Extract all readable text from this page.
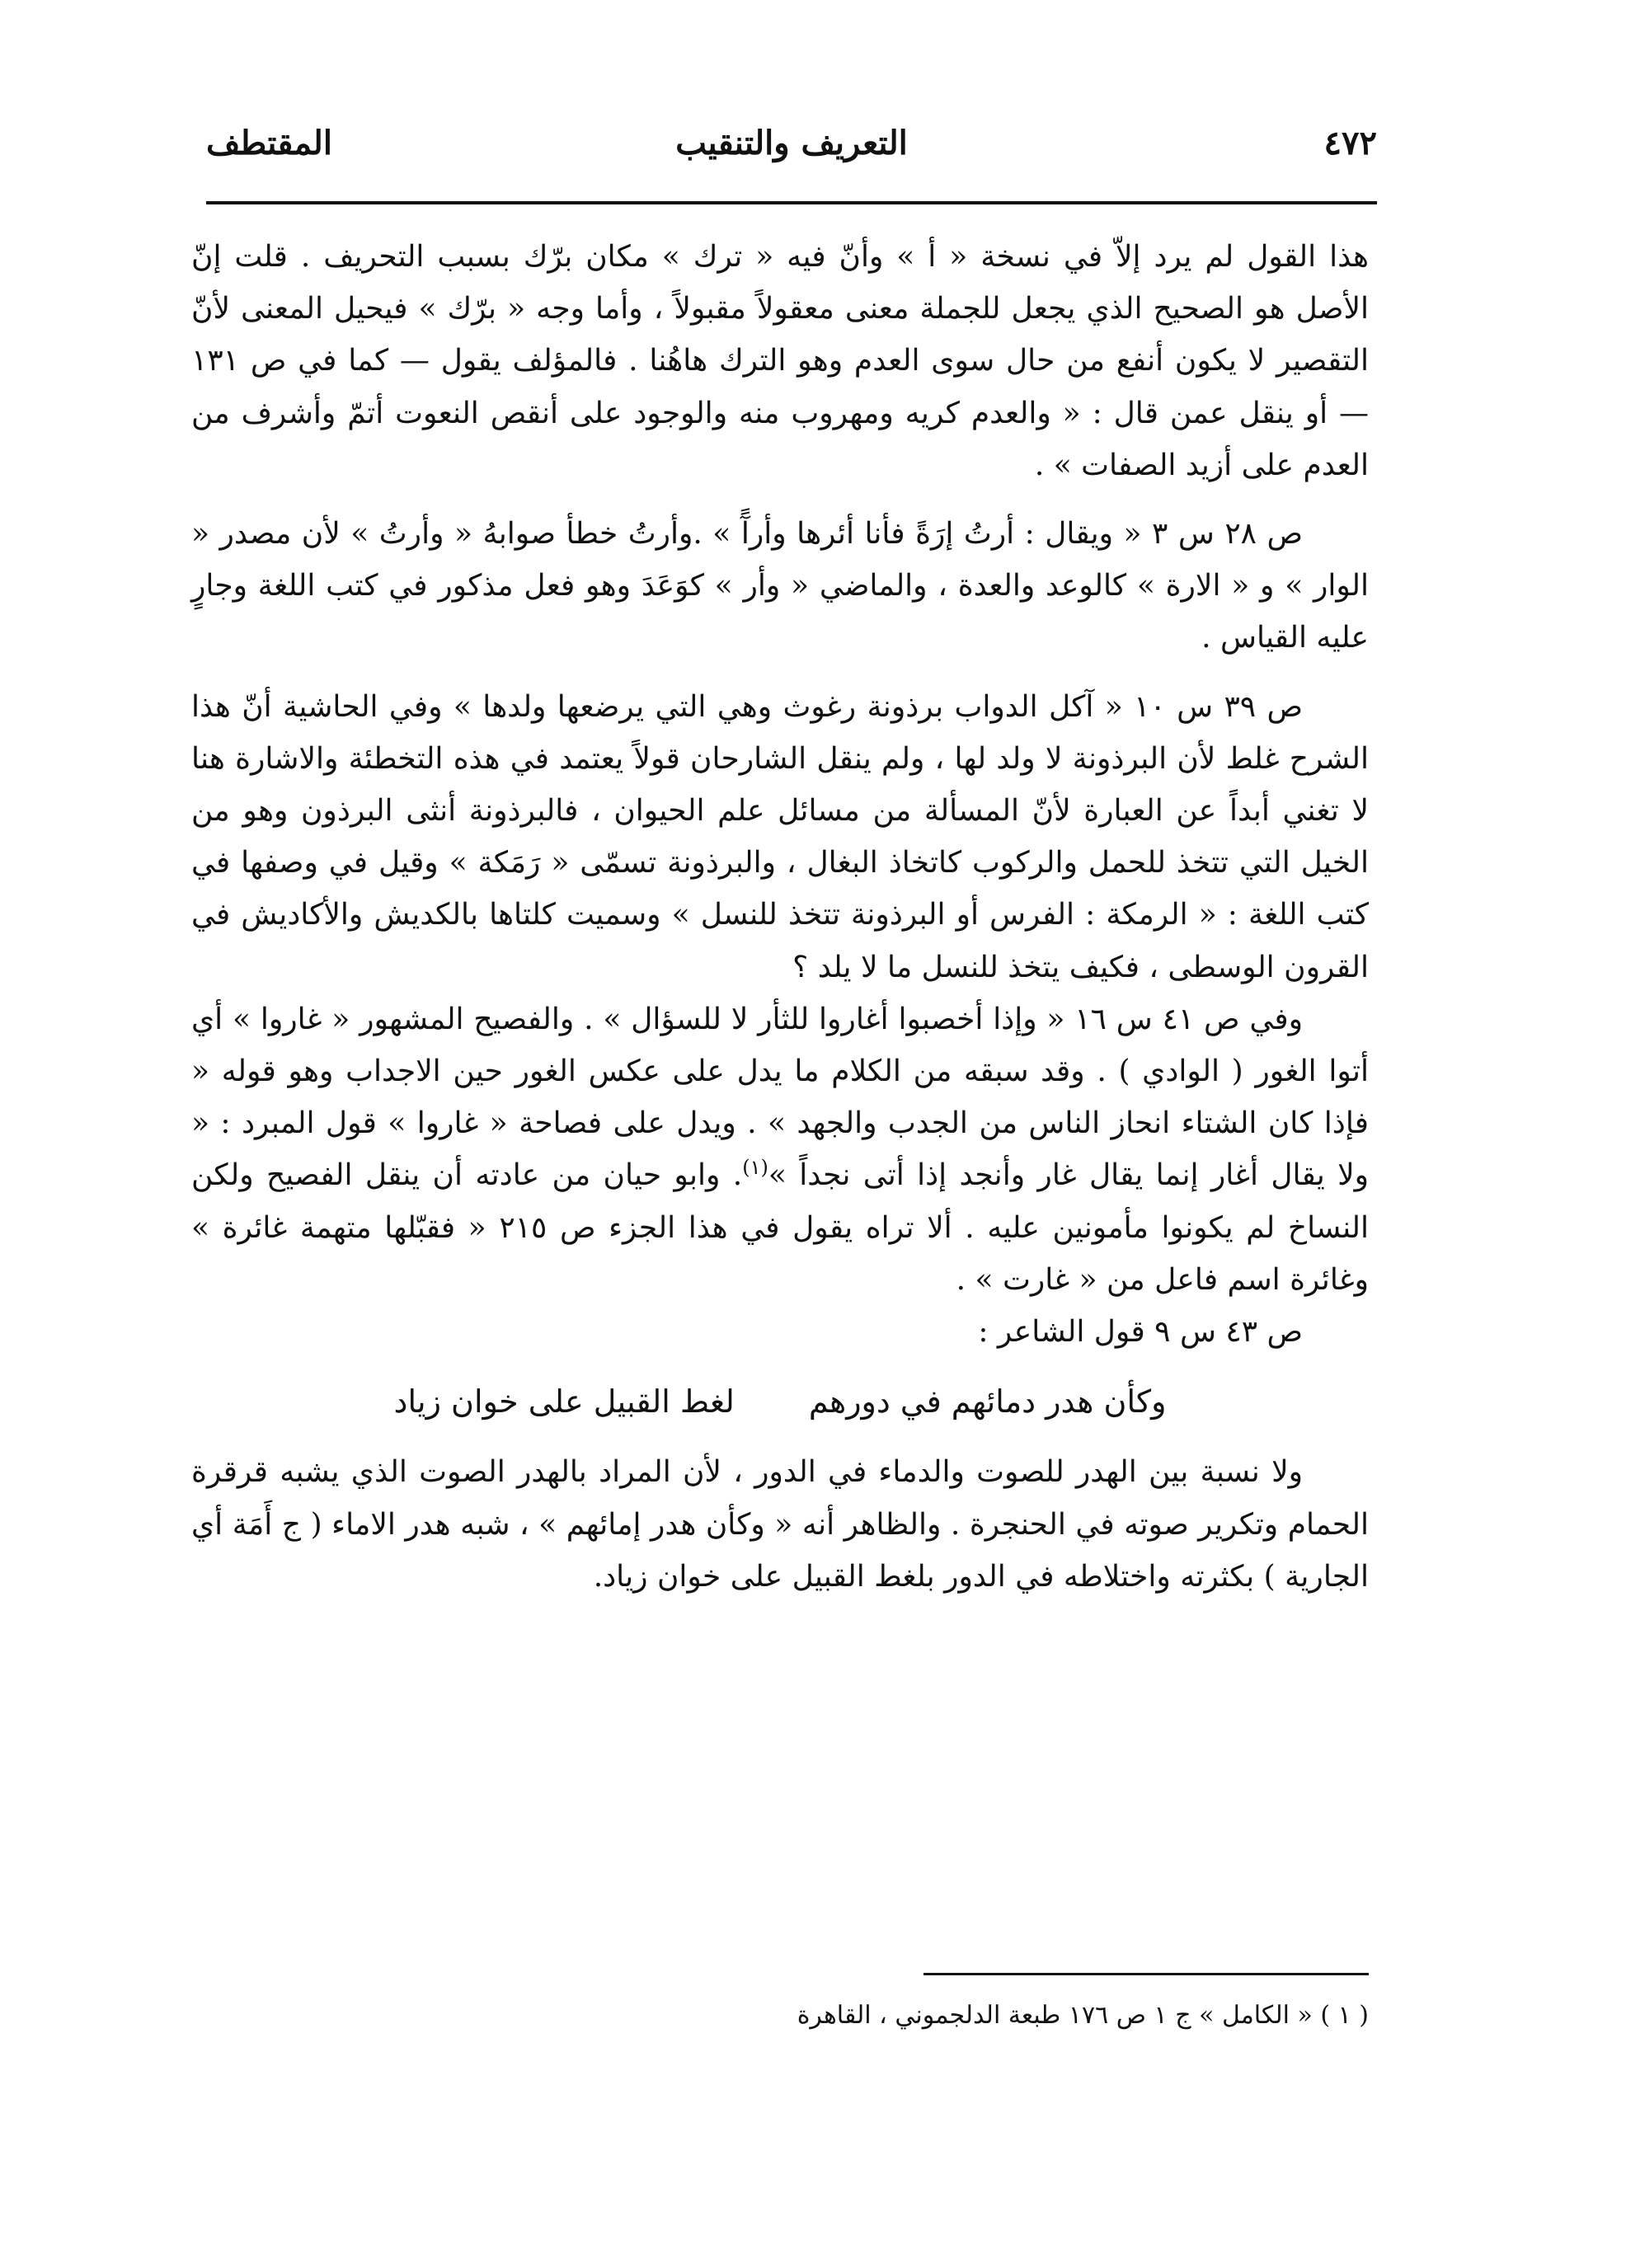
٤٧٢
التعريف والتنقيب
المقتطف

هذا القول لم يرد إلاّ في نسخة « أ » وأنّ فيه « ترك » مكان برّك بسبب التحريف . قلت إنّ الأصل هو الصحيح الذي يجعل للجملة معنى معقولاً مقبولاً ، وأما وجه « برّك » فيحيل المعنى لأنّ التقصير لا يكون أنفع من حال سوى العدم وهو الترك هاهُنا . فالمؤلف يقول — كما في ص ١٣١ — أو ينقل عمن قال : « والعدم كريه ومهروب منه والوجود على أنقص النعوت أتمّ وأشرف من العدم على أزيد الصفات » .

ص ٢٨ س ٣ « ويقال : أرتُ إرَةً فأنا أئرها وأرآً » .وأرتُ خطأ صوابهُ « وأرتُ » لأن مصدر « الوار » و « الارة » كالوعد والعدة ، والماضي « وأر » كوَعَدَ وهو فعل مذكور في كتب اللغة وجارٍ عليه القياس .

ص ٣٩ س ١٠ « آكل الدواب برذونة رغوث وهي التي يرضعها ولدها » وفي الحاشية أنّ هذا الشرح غلط لأن البرذونة لا ولد لها ، ولم ينقل الشارحان قولاً يعتمد في هذه التخطئة والاشارة هنا لا تغني أبداً عن العبارة لأنّ المسألة من مسائل علم الحيوان ، فالبرذونة أنثى البرذون وهو من الخيل التي تتخذ للحمل والركوب كاتخاذ البغال ، والبرذونة تسمّى « رَمَكة » وقيل في وصفها في كتب اللغة : « الرمكة : الفرس أو البرذونة تتخذ للنسل » وسميت كلتاها بالكديش والأكاديش في القرون الوسطى ، فكيف يتخذ للنسل ما لا يلد ؟

وفي ص ٤١ س ١٦ « وإذا أخصبوا أغاروا للثأر لا للسؤال » . والفصيح المشهور « غاروا » أي أتوا الغور ( الوادي ) . وقد سبقه من الكلام ما يدل على عكس الغور حين الاجداب وهو قوله « فإذا كان الشتاء انحاز الناس من الجدب والجهد » . ويدل على فصاحة « غاروا » قول المبرد : « ولا يقال أغار إنما يقال غار وأنجد إذا أتى نجداً »$^{(١)}$. وابو حيان من عادته أن ينقل الفصيح ولكن النساخ لم يكونوا مأمونين عليه . ألا تراه يقول في هذا الجزء ص ٢١٥ « فقبّلها متهمة غائرة » وغائرة اسم فاعل من « غارت » .

ص ٤٣ س ٩ قول الشاعر :

وكأن هدر دمائهم في دورهم
لغط القبيل على خوان زياد

ولا نسبة بين الهدر للصوت والدماء في الدور ، لأن المراد بالهدر الصوت الذي يشبه قرقرة الحمام وتكرير صوته في الحنجرة . والظاهر أنه « وكأن هدر إمائهم » ، شبه هدر الاماء ( ج أَمَة أي الجارية ) بكثرته واختلاطه في الدور بلغط القبيل على خوان زياد.

( ١ ) « الكامل » ج ١ ص ١٧٦ طبعة الدلجموني ، القاهرة
